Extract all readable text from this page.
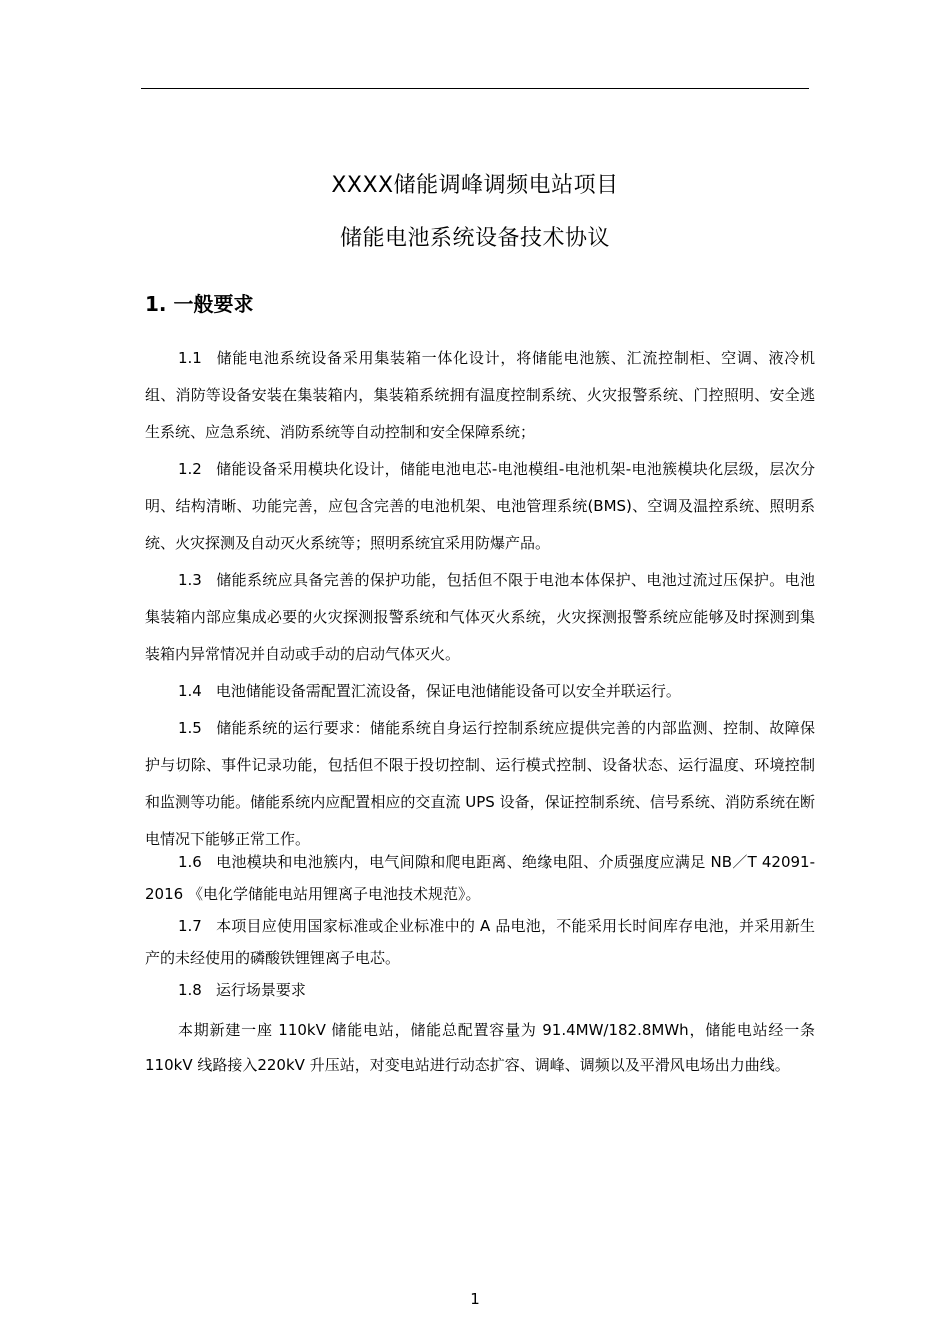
XXXX储能调峰调频电站项目
储能电池系统设备技术协议
1. 一般要求

1.1 储能电池系统设备采用集装箱一体化设计，将储能电池簇、汇流控制柜、空调、液冷机组、消防等设备安装在集装箱内，集装箱系统拥有温度控制系统、火灾报警系统、门控照明、安全逃生系统、应急系统、消防系统等自动控制和安全保障系统；

1.2 储能设备采用模块化设计，储能电池电芯-电池模组-电池机架-电池簇模块化层级，层次分明、结构清晰、功能完善，应包含完善的电池机架、电池管理系统(BMS)、空调及温控系统、照明系统、火灾探测及自动灭火系统等；照明系统宜采用防爆产品。

1.3 储能系统应具备完善的保护功能，包括但不限于电池本体保护、电池过流过压保护。电池集装箱内部应集成必要的火灾探测报警系统和气体灭火系统，火灾探测报警系统应能够及时探测到集装箱内异常情况并自动或手动的启动气体灭火。

1.4 电池储能设备需配置汇流设备，保证电池储能设备可以安全并联运行。

1.5 储能系统的运行要求：储能系统自身运行控制系统应提供完善的内部监测、控制、故障保护与切除、事件记录功能，包括但不限于投切控制、运行模式控制、设备状态、运行温度、环境控制和监测等功能。储能系统内应配置相应的交直流 UPS 设备，保证控制系统、信号系统、消防系统在断电情况下能够正常工作。

1.6 电池模块和电池簇内，电气间隙和爬电距离、绝缘电阻、介质强度应满足 NB／T 42091-2016 《电化学储能电站用锂离子电池技术规范》。

1.7 本项目应使用国家标准或企业标准中的 A 品电池，不能采用长时间库存电池，并采用新生产的未经使用的磷酸铁锂锂离子电芯。

1.8 运行场景要求

本期新建一座 110kV 储能电站，储能总配置容量为 91.4MW/182.8MWh，储能电站经一条 110kV 线路接入220kV 升压站，对变电站进行动态扩容、调峰、调频以及平滑风电场出力曲线。

1
